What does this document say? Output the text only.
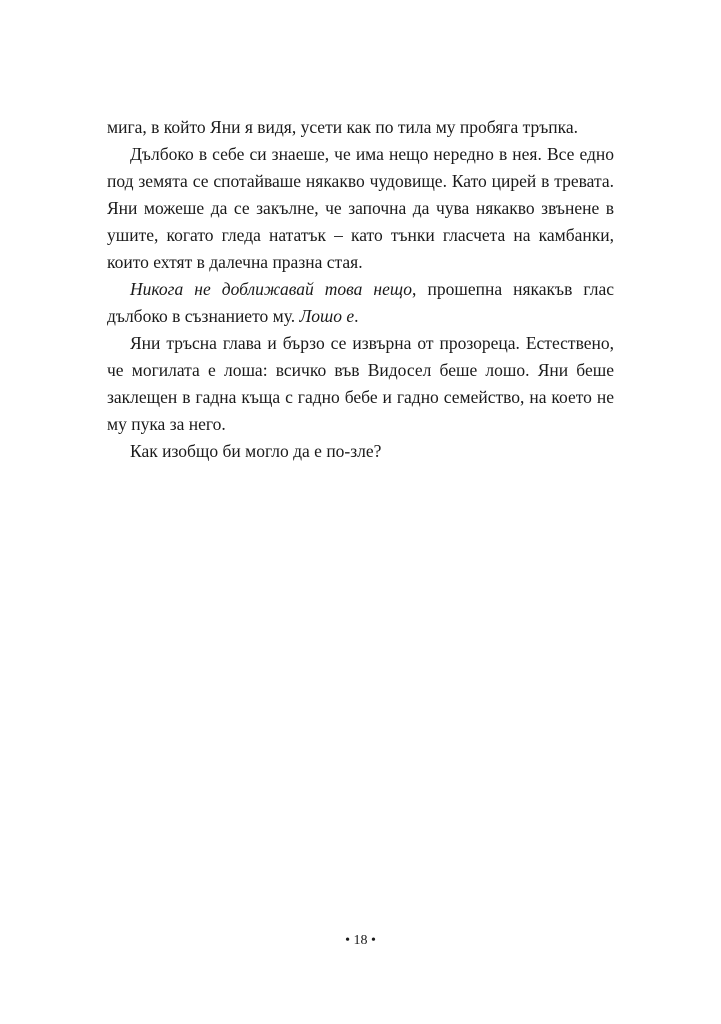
мига, в който Яни я видя, усети как по тила му пробяга тръпка.

Дълбоко в себе си знаеше, че има нещо нередно в нея. Все едно под земята се спотайваше някакво чудовище. Като цирей в тревата. Яни можеше да се закълне, че започна да чува някакво звънене в ушите, когато гледа нататък – като тънки гласчета на камбанки, които ехтят в далечна празна стая.

Никога не доближавай това нещо, прошепна някакъв глас дълбоко в съзнанието му. Лошо е.

Яни тръсна глава и бързо се извърна от прозореца. Естествено, че могилата е лоша: всичко във Видосел беше лошо. Яни беше заклещен в гадна къща с гадно бебе и гадно семейство, на което не му пука за него.

Как изобщо би могло да е по-зле?

• 18 •
